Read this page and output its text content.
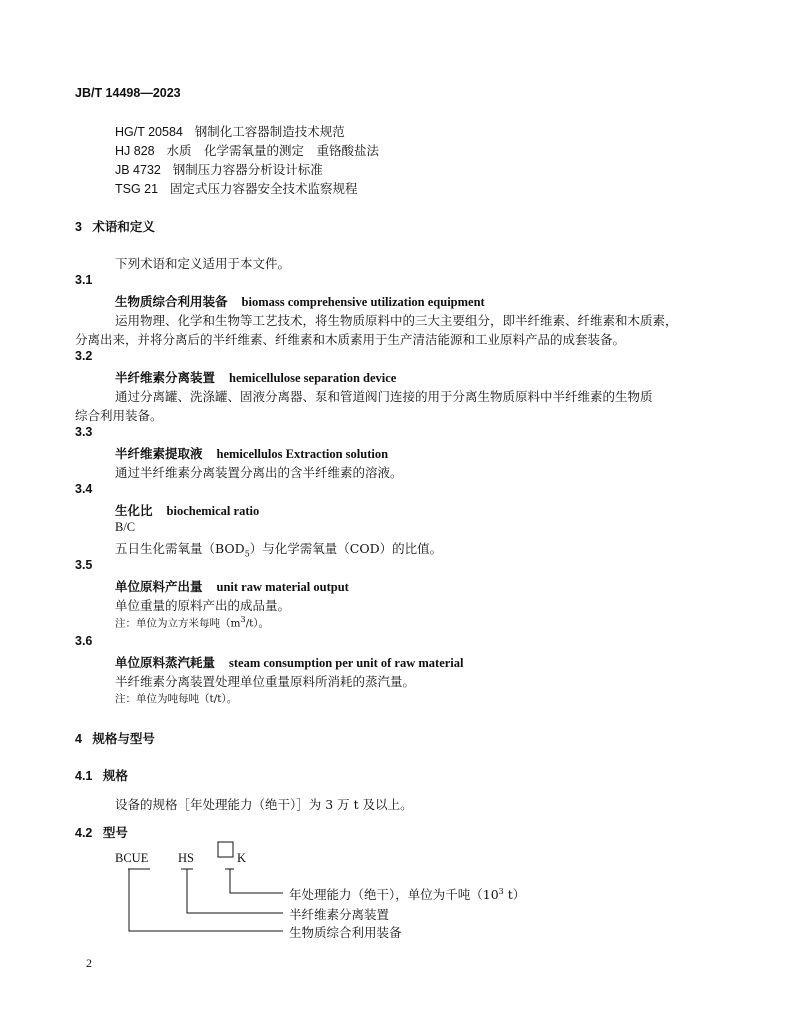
JB/T 14498—2023
HG/T 20584 钢制化工容器制造技术规范
HJ 828 水质　化学需氧量的测定　重铬酸盐法
JB 4732 钢制压力容器分析设计标准
TSG 21 固定式压力容器安全技术监察规程
3 术语和定义
下列术语和定义适用于本文件。
3.1
生物质综合利用装备 biomass comprehensive utilization equipment
运用物理、化学和生物等工艺技术，将生物质原料中的三大主要组分，即半纤维素、纤维素和木质素，
分离出来，并将分离后的半纤维素、纤维素和木质素用于生产清洁能源和工业原料产品的成套装备。
3.2
半纤维素分离装置 hemicellulose separation device
通过分离罐、洗涤罐、固液分离器、泵和管道阀门连接的用于分离生物质原料中半纤维素的生物质
综合利用装备。
3.3
半纤维素提取液 hemicellulos Extraction solution
通过半纤维素分离装置分离出的含半纤维素的溶液。
3.4
生化比 biochemical ratio
B/C
五日生化需氧量$(BOD_5)$与化学需氧量（COD）的比值。
3.5
单位原料产出量 unit raw material output
单位重量的原料产出的成品量。
注：单位为立方米每吨$(m^3/t)$。
3.6
单位原料蒸汽耗量 steam consumption per unit of raw material
半纤维素分离装置处理单位重量原料所消耗的蒸汽量。
注：单位为吨每吨（t/t）。
4 规格与型号
4.1 规格
设备的规格［年处理能力（绝干）］为 3 万 t 及以上。
4.2 型号
BCUE HS	K
年处理能力（绝干），单位为千吨（$10^3$ t）
半纤维素分离装置
生物质综合利用装备
2
